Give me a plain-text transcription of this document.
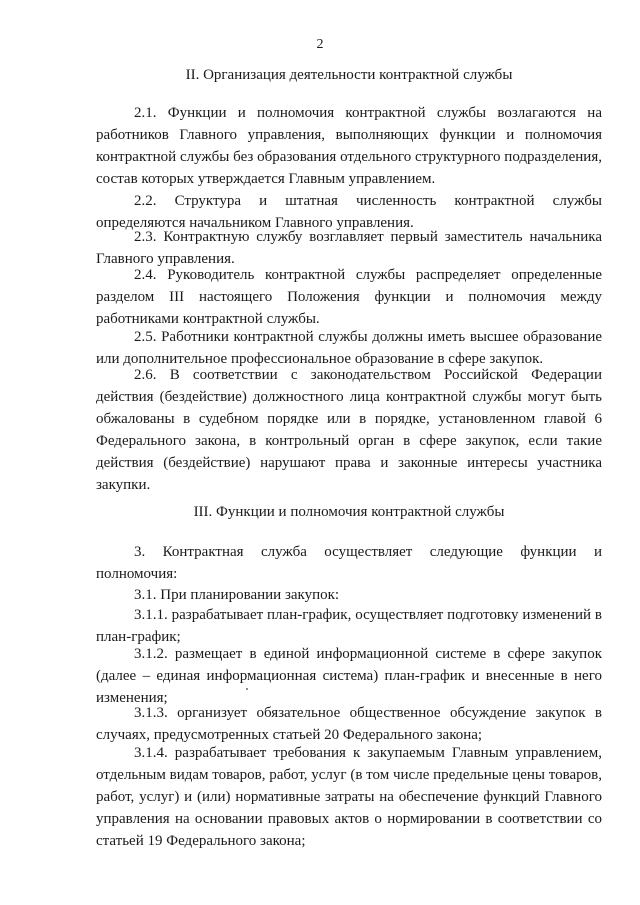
2
II. Организация деятельности контрактной службы

2.1. Функции и полномочия контрактной службы возлагаются на работников Главного управления, выполняющих функции и полномочия контрактной службы без образования отдельного структурного подразделения, состав которых утверждается Главным управлением.

2.2. Структура и штатная численность контрактной службы определяются начальником Главного управления.

2.3. Контрактную службу возглавляет первый заместитель начальника Главного управления.

2.4. Руководитель контрактной службы распределяет определенные разделом III настоящего Положения функции и полномочия между работниками контрактной службы.

2.5. Работники контрактной службы должны иметь высшее образование или дополнительное профессиональное образование в сфере закупок.

2.6. В соответствии с законодательством Российской Федерации действия (бездействие) должностного лица контрактной службы могут быть обжалованы в судебном порядке или в порядке, установленном главой 6 Федерального закона, в контрольный орган в сфере закупок, если такие действия (бездействие) нарушают права и законные интересы участника закупки.

III. Функции и полномочия контрактной службы

3. Контрактная служба осуществляет следующие функции и полномочия:

3.1. При планировании закупок:

3.1.1. разрабатывает план-график, осуществляет подготовку изменений в план-график;

3.1.2. размещает в единой информационной системе в сфере закупок (далее – единая информационная система) план-график и внесенные в него изменения;

3.1.3. организует обязательное общественное обсуждение закупок в случаях, предусмотренных статьей 20 Федерального закона;

3.1.4. разрабатывает требования к закупаемым Главным управлением, отдельным видам товаров, работ, услуг (в том числе предельные цены товаров, работ, услуг) и (или) нормативные затраты на обеспечение функций Главного управления на основании правовых актов о нормировании в соответствии со статьей 19 Федерального закона;
